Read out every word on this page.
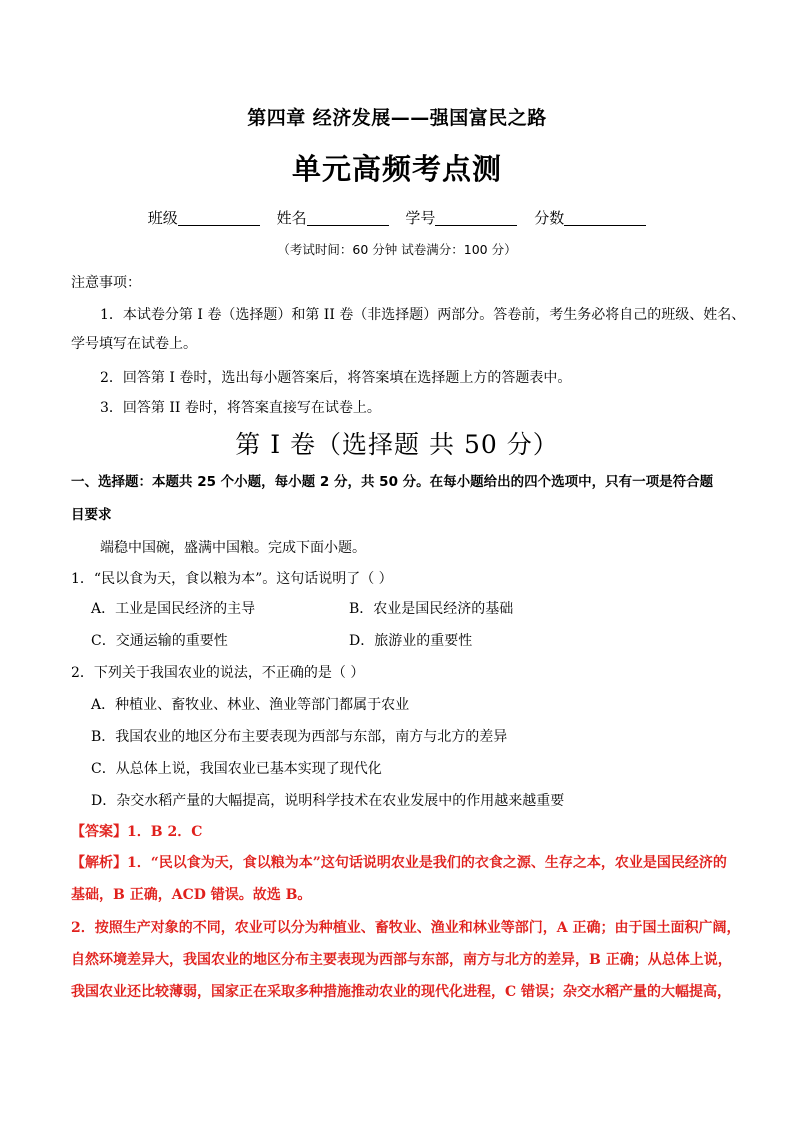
第四章 经济发展——强国富民之路
单元高频考点测
班级	姓名	学号	分数
（考试时间：60 分钟 试卷满分：100 分）
注意事项：
1．本试卷分第 I 卷（选择题）和第 II 卷（非选择题）两部分。答卷前，考生务必将自己的班级、姓名、
学号填写在试卷上。
2．回答第 I 卷时，选出每小题答案后，将答案填在选择题上方的答题表中。
3．回答第 II 卷时，将答案直接写在试卷上。
第 I 卷（选择题 共 50 分）
一、选择题：本题共 25 个小题，每小题 2 分，共 50 分。在每小题给出的四个选项中，只有一项是符合题
目要求
端稳中国碗，盛满中国粮。完成下面小题。
1．“民以食为天，食以粮为本”。这句话说明了（ ）
A．工业是国民经济的主导	B．农业是国民经济的基础
C．交通运输的重要性	D．旅游业的重要性
2．下列关于我国农业的说法，不正确的是（ ）
A．种植业、畜牧业、林业、渔业等部门都属于农业
B．我国农业的地区分布主要表现为西部与东部，南方与北方的差异
C．从总体上说，我国农业已基本实现了现代化
D．杂交水稻产量的大幅提高，说明科学技术在农业发展中的作用越来越重要
【答案】1．B 2．C
【解析】1．“民以食为天，食以粮为本”这句话说明农业是我们的衣食之源、生存之本，农业是国民经济的
基础，B 正确，ACD 错误。故选 B。
2．按照生产对象的不同，农业可以分为种植业、畜牧业、渔业和林业等部门，A 正确；由于国土面积广阔，
自然环境差异大，我国农业的地区分布主要表现为西部与东部，南方与北方的差异，B 正确；从总体上说，
我国农业还比较薄弱，国家正在采取多种措施推动农业的现代化进程，C 错误；杂交水稻产量的大幅提高，
